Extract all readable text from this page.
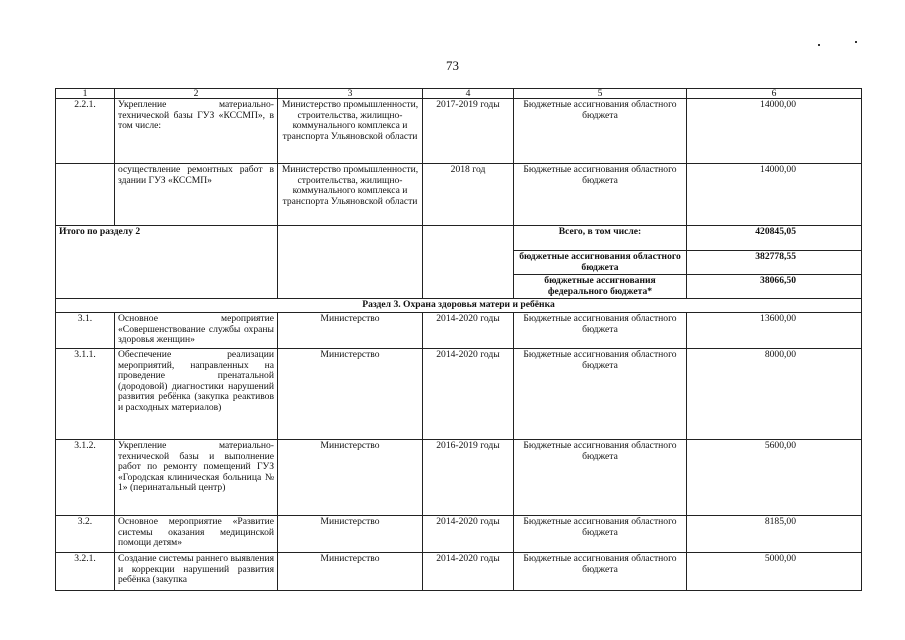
73
1	2	3	4	5	6
2.2.1.	Укрепление материально-технической базы ГУЗ «КССМП», в том числе:	Министерство промышленности, строительства, жилищно-коммунального комплекса и транспорта Ульяновской области	2017-2019 годы	Бюджетные ассигнования областного бюджета	14000,00
	осуществление ремонтных работ в здании ГУЗ «КССМП»	Министерство промышленности, строительства, жилищно-коммунального комплекса и транспорта Ульяновской области	2018 год	Бюджетные ассигнования областного бюджета	14000,00
Итого по разделу 2				Всего, в том числе:	420845,05
				бюджетные ассигнования областного бюджета	382778,55
				бюджетные ассигнования федерального бюджета*	38066,50
Раздел 3. Охрана здоровья матери и ребёнка					
3.1.	Основное мероприятие «Совершенствование службы охраны здоровья женщин»	Министерство	2014-2020 годы	Бюджетные ассигнования областного бюджета	13600,00
3.1.1.	Обеспечение реализации мероприятий, направленных на проведение пренатальной (дородовой) диагностики нарушений развития ребёнка (закупка реактивов и расходных материалов)	Министерство	2014-2020 годы	Бюджетные ассигнования областного бюджета	8000,00
3.1.2.	Укрепление материально-технической базы и выполнение работ по ремонту помещений ГУЗ «Городская клиническая больница № 1» (перинатальный центр)	Министерство	2016-2019 годы	Бюджетные ассигнования областного бюджета	5600,00
3.2.	Основное мероприятие «Развитие системы оказания медицинской помощи детям»	Министерство	2014-2020 годы	Бюджетные ассигнования областного бюджета	8185,00
3.2.1.	Создание системы раннего выявления и коррекции нарушений развития ребёнка (закупка	Министерство	2014-2020 годы	Бюджетные ассигнования областного бюджета	5000,00
